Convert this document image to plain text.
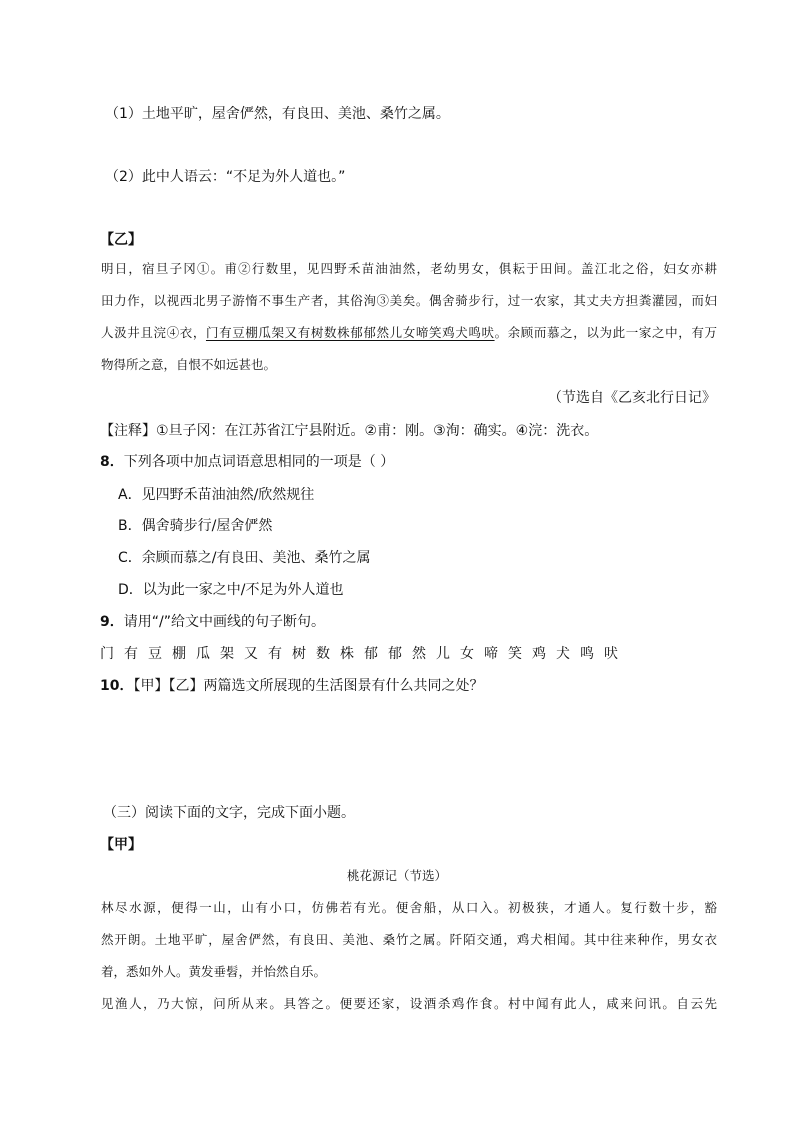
（1）土地平旷，屋舍俨然，有良田、美池、桑竹之属。
（2）此中人语云：“不足为外人道也。”
【乙】
明日，宿旦子冈①。甫②行数里，见四野禾苗油油然，老幼男女，俱耘于田间。盖江北之俗，妇女亦耕
田力作，以视西北男子游惰不事生产者，其俗洵③美矣。偶舍骑步行，过一农家，其丈夫方担粪灌园，而妇
人汲井且浣④衣，门有豆棚瓜架又有树数株郁郁然儿女啼笑鸡犬鸣吠。余顾而慕之，以为此一家之中，有万
物得所之意，自恨不如远甚也。
（节选自《乙亥北行日记》
【注释】①旦子冈：在江苏省江宁县附近。②甫：刚。③洵：确实。④浣：洗衣。
8．下列各项中加点词语意思相同的一项是（ ）
A．见四野禾苗油油然/欣然规往
B．偶舍骑步行/屋舍俨然
C．余顾而慕之/有良田、美池、桑竹之属
D．以为此一家之中/不足为外人道也
9．请用“/”给文中画线的句子断句。
门有豆棚瓜架又有树数株郁郁然儿女啼笑鸡犬鸣吠
10．【甲】【乙】两篇选文所展现的生活图景有什么共同之处？
（三）阅读下面的文字，完成下面小题。
【甲】
桃花源记（节选）
林尽水源，便得一山，山有小口，仿佛若有光。便舍船，从口入。初极狭，才通人。复行数十步，豁
然开朗。土地平旷，屋舍俨然，有良田、美池、桑竹之属。阡陌交通，鸡犬相闻。其中往来种作，男女衣
着，悉如外人。黄发垂髫，并怡然自乐。
见渔人，乃大惊，问所从来。具答之。便要还家，设酒杀鸡作食。村中闻有此人，咸来问讯。自云先
